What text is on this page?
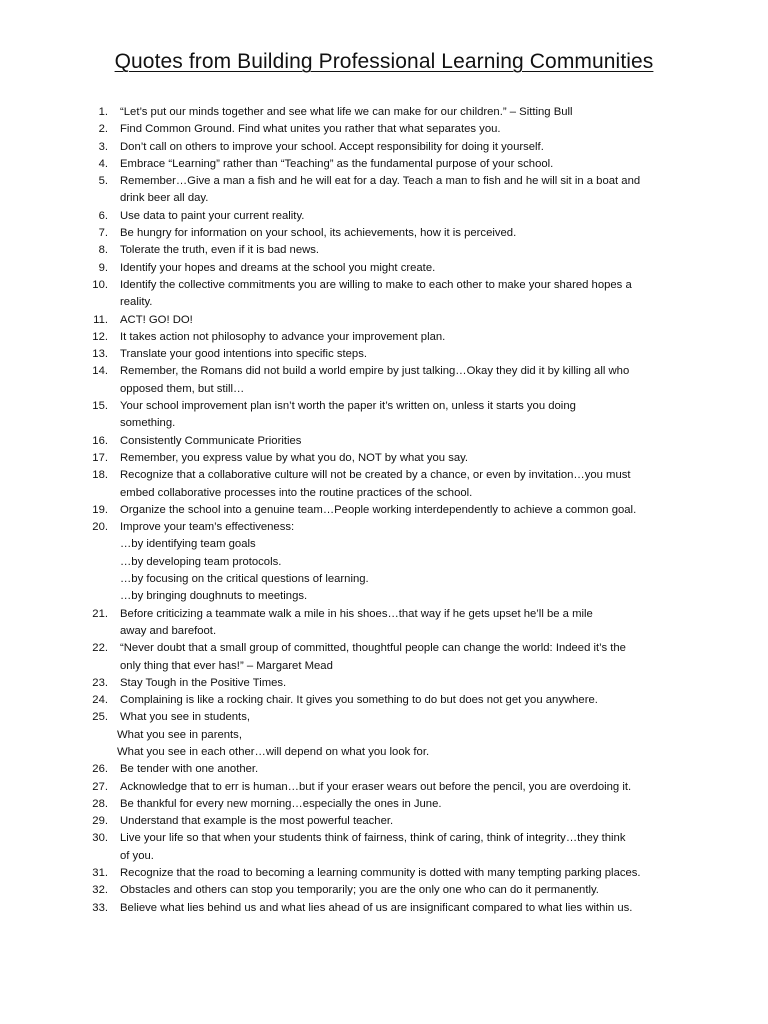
Quotes from Building Professional Learning Communities
1. “Let’s put our minds together and see what life we can make for our children.” – Sitting Bull
2. Find Common Ground. Find what unites you rather that what separates you.
3. Don’t call on others to improve your school. Accept responsibility for doing it yourself.
4. Embrace “Learning” rather than “Teaching” as the fundamental purpose of your school.
5. Remember…Give a man a fish and he will eat for a day. Teach a man to fish and he will sit in a boat and
drink beer all day.
6. Use data to paint your current reality.
7. Be hungry for information on your school, its achievements, how it is perceived.
8. Tolerate the truth, even if it is bad news.
9. Identify your hopes and dreams at the school you might create.
10. Identify the collective commitments you are willing to make to each other to make your shared hopes a
reality.
11. ACT! GO! DO!
12. It takes action not philosophy to advance your improvement plan.
13. Translate your good intentions into specific steps.
14. Remember, the Romans did not build a world empire by just talking…Okay they did it by killing all who
opposed them, but still…
15. Your school improvement plan isn’t worth the paper it’s written on, unless it starts you doing
something.
16. Consistently Communicate Priorities
17. Remember, you express value by what you do, NOT by what you say.
18. Recognize that a collaborative culture will not be created by a chance, or even by invitation…you must
embed collaborative processes into the routine practices of the school.
19. Organize the school into a genuine team…People working interdependently to achieve a common goal.
20. Improve your team’s effectiveness:
…by identifying team goals
…by developing team protocols.
…by focusing on the critical questions of learning.
…by bringing doughnuts to meetings.
21. Before criticizing a teammate walk a mile in his shoes…that way if he gets upset he’ll be a mile
away and barefoot.
22. “Never doubt that a small group of committed, thoughtful people can change the world: Indeed it’s the
only thing that ever has!” – Margaret Mead
23. Stay Tough in the Positive Times.
24. Complaining is like a rocking chair. It gives you something to do but does not get you anywhere.
25. What you see in students,
What you see in parents,
What you see in each other…will depend on what you look for.
26. Be tender with one another.
27. Acknowledge that to err is human…but if your eraser wears out before the pencil, you are overdoing it.
28. Be thankful for every new morning…especially the ones in June.
29. Understand that example is the most powerful teacher.
30. Live your life so that when your students think of fairness, think of caring, think of integrity…they think
of you.
31. Recognize that the road to becoming a learning community is dotted with many tempting parking places.
32. Obstacles and others can stop you temporarily; you are the only one who can do it permanently.
33. Believe what lies behind us and what lies ahead of us are insignificant compared to what lies within us.
